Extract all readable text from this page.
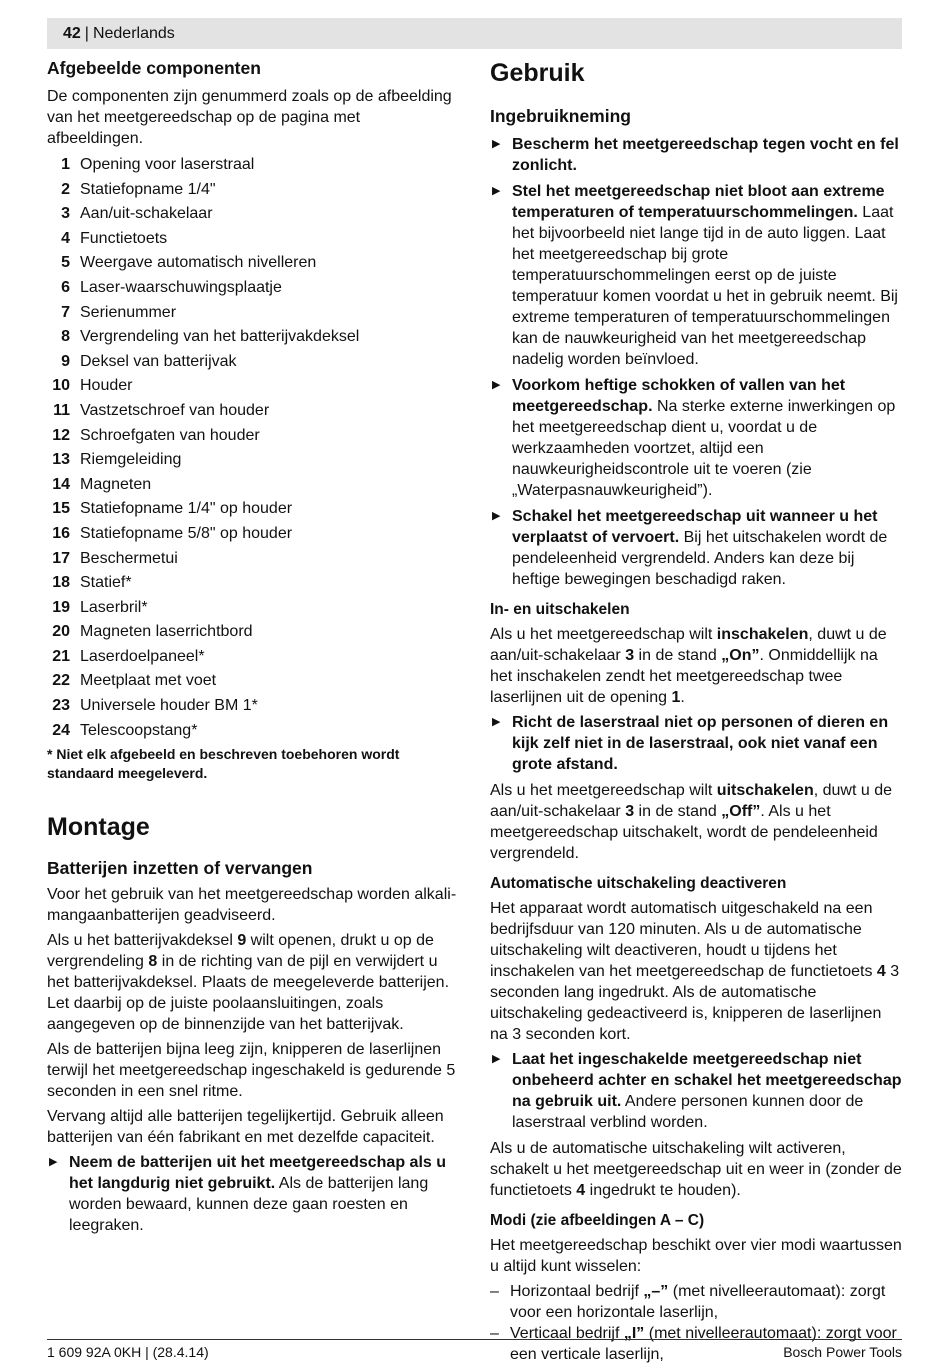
42 | Nederlands
Afgebeelde componenten

De componenten zijn genummerd zoals op de afbeelding van het meetgereedschap op de pagina met afbeeldingen.

1 Opening voor laserstraal
2 Statiefopname 1/4"
3 Aan/uit-schakelaar
4 Functietoets
5 Weergave automatisch nivelleren
6 Laser-waarschuwingsplaatje
7 Serienummer
8 Vergrendeling van het batterijvakdeksel
9 Deksel van batterijvak
10 Houder
11 Vastzetschroef van houder
12 Schroefgaten van houder
13 Riemgeleiding
14 Magneten
15 Statiefopname 1/4" op houder
16 Statiefopname 5/8" op houder
17 Beschermetui
18 Statief*
19 Laserbril*
20 Magneten laserrichtbord
21 Laserdoelpaneel*
22 Meetplaat met voet
23 Universele houder BM 1*
24 Telescoopstang*
* Niet elk afgebeeld en beschreven toebehoren wordt standaard meegeleverd.
Montage
Batterijen inzetten of vervangen

Voor het gebruik van het meetgereedschap worden alkali-mangaanbatterijen geadviseerd.

Als u het batterijvakdeksel 9 wilt openen, drukt u op de vergrendeling 8 in de richting van de pijl en verwijdert u het batterijvakdeksel. Plaats de meegeleverde batterijen. Let daarbij op de juiste poolaansluitingen, zoals aangegeven op de binnenzijde van het batterijvak.

Als de batterijen bijna leeg zijn, knipperen de laserlijnen terwijl het meetgereedschap ingeschakeld is gedurende 5 seconden in een snel ritme.

Vervang altijd alle batterijen tegelijkertijd. Gebruik alleen batterijen van één fabrikant en met dezelfde capaciteit.

▶ Neem de batterijen uit het meetgereedschap als u het langdurig niet gebruikt. Als de batterijen lang worden bewaard, kunnen deze gaan roesten en leegraken.
Gebruik
Ingebruikneming
▶ Bescherm het meetgereedschap tegen vocht en fel zonlicht.
▶ Stel het meetgereedschap niet bloot aan extreme temperaturen of temperatuurschommelingen. Laat het bijvoorbeeld niet lange tijd in de auto liggen. Laat het meetgereedschap bij grote temperatuurschommelingen eerst op de juiste temperatuur komen voordat u het in gebruik neemt. Bij extreme temperaturen of temperatuurschommelingen kan de nauwkeurigheid van het meetgereedschap nadelig worden beïnvloed.
▶ Voorkom heftige schokken of vallen van het meetgereedschap. Na sterke externe inwerkingen op het meetgereedschap dient u, voordat u de werkzaamheden voortzet, altijd een nauwkeurigheidscontrole uit te voeren (zie „Waterpasnauwkeurigheid”).
▶ Schakel het meetgereedschap uit wanneer u het verplaatst of vervoert. Bij het uitschakelen wordt de pendeleenheid vergrendeld. Anders kan deze bij heftige bewegingen beschadigd raken.
In- en uitschakelen

Als u het meetgereedschap wilt inschakelen, duwt u de aan/uit-schakelaar 3 in de stand „On”. Onmiddellijk na het inschakelen zendt het meetgereedschap twee laserlijnen uit de opening 1.

▶ Richt de laserstraal niet op personen of dieren en kijk zelf niet in de laserstraal, ook niet vanaf een grote afstand.

Als u het meetgereedschap wilt uitschakelen, duwt u de aan/uit-schakelaar 3 in de stand „Off”. Als u het meetgereedschap uitschakelt, wordt de pendeleenheid vergrendeld.

Automatische uitschakeling deactiveren

Het apparaat wordt automatisch uitgeschakeld na een bedrijfsduur van 120 minuten. Als u de automatische uitschakeling wilt deactiveren, houdt u tijdens het inschakelen van het meetgereedschap de functietoets 4 3 seconden lang ingedrukt. Als de automatische uitschakeling gedeactiveerd is, knipperen de laserlijnen na 3 seconden kort.

▶ Laat het ingeschakelde meetgereedschap niet onbeheerd achter en schakel het meetgereedschap na gebruik uit. Andere personen kunnen door de laserstraal verblind worden.

Als u de automatische uitschakeling wilt activeren, schakelt u het meetgereedschap uit en weer in (zonder de functietoets 4 ingedrukt te houden).

Modi (zie afbeeldingen A – C)

Het meetgereedschap beschikt over vier modi waartussen u altijd kunt wisselen:

– Horizontaal bedrijf „–” (met nivelleerautomaat): zorgt voor een horizontale laserlijn,
– Verticaal bedrijf „I” (met nivelleerautomaat): zorgt voor een verticale laserlijn,
1 609 92A 0KH | (28.4.14)	Bosch Power Tools
